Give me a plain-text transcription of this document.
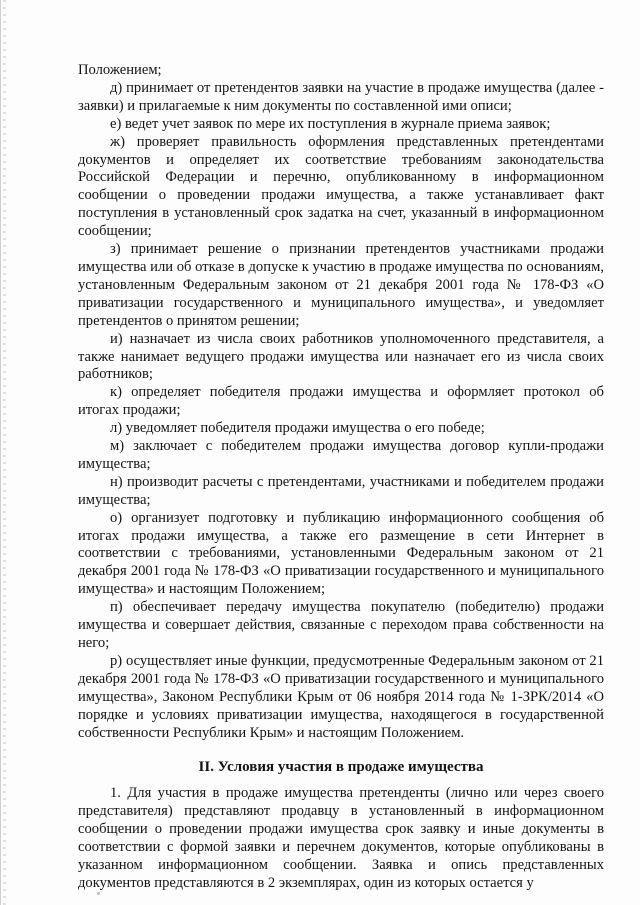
Положением;

д) принимает от претендентов заявки на участие в продаже имущества (далее - заявки) и прилагаемые к ним документы по составленной ими описи;

е) ведет учет заявок по мере их поступления в журнале приема заявок;

ж) проверяет правильность оформления представленных претендентами документов и определяет их соответствие требованиям законодательства Российской Федерации и перечню, опубликованному в информационном сообщении о проведении продажи имущества, а также устанавливает факт поступления в установленный срок задатка на счет, указанный в информационном сообщении;

з) принимает решение о признании претендентов участниками продажи имущества или об отказе в допуске к участию в продаже имущества по основаниям, установленным Федеральным законом от 21 декабря 2001 года № 178-ФЗ «О приватизации государственного и муниципального имущества», и уведомляет претендентов о принятом решении;

и) назначает из числа своих работников уполномоченного представителя, а также нанимает ведущего продажи имущества или назначает его из числа своих работников;

к) определяет победителя продажи имущества и оформляет протокол об итогах продажи;

л) уведомляет победителя продажи имущества о его победе;

м) заключает с победителем продажи имущества договор купли-продажи имущества;

н) производит расчеты с претендентами, участниками и победителем продажи имущества;

о) организует подготовку и публикацию информационного сообщения об итогах продажи имущества, а также его размещение в сети Интернет в соответствии с требованиями, установленными Федеральным законом от 21 декабря 2001 года № 178-ФЗ «О приватизации государственного и муниципального имущества» и настоящим Положением;

п) обеспечивает передачу имущества покупателю (победителю) продажи имущества и совершает действия, связанные с переходом права собственности на него;

р) осуществляет иные функции, предусмотренные Федеральным законом от 21 декабря 2001 года № 178-ФЗ «О приватизации государственного и муниципального имущества», Законом Республики Крым от 06 ноября 2014 года № 1-ЗРК/2014 «О порядке и условиях приватизации имущества, находящегося в государственной собственности Республики Крым» и настоящим Положением.

II. Условия участия в продаже имущества

1. Для участия в продаже имущества претенденты (лично или через своего представителя) представляют продавцу в установленный в информационном сообщении о проведении продажи имущества срок заявку и иные документы в соответствии с формой заявки и перечнем документов, которые опубликованы в указанном информационном сообщении. Заявка и опись представленных документов представляются в 2 экземплярах, один из которых остается у
